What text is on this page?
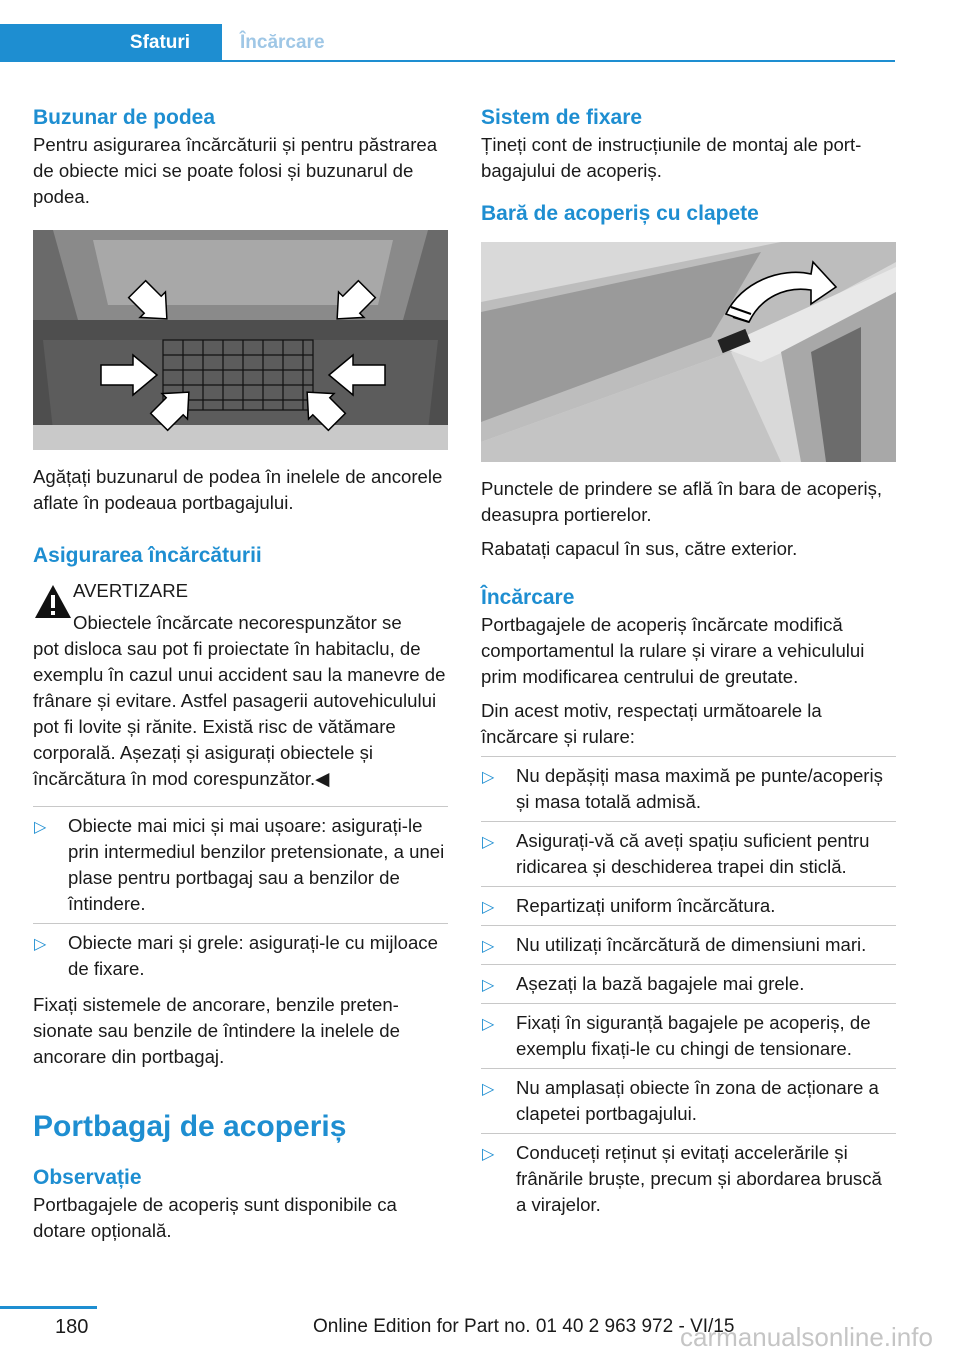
Sfaturi	Încărcare
Buzunar de podea

Pentru asigurarea încărcăturii și pentru păstrarea de obiecte mici se poate folosi și buzunarul de podea.

Agățați buzunarul de podea în inelele de ancorele aflate în podeaua portbagajului.

Asigurarea încărcăturii
AVERTIZARE
Obiectele încărcate necorespunzător se

pot disloca sau pot fi proiectate în habitaclu, de exemplu în cazul unui accident sau la manevre de frânare și evitare. Astfel pasagerii autovehiculului pot fi lovite și rănite. Există risc de vătămare corporală. Așezați și asigurați obiectele și încărcătura în mod corespunzător.◀

▷ Obiecte mai mici și mai ușoare: asigurați-le prin intermediul benzilor pretensionate, a unei plase pentru portbagaj sau a benzilor de întindere.
▷ Obiecte mari și grele: asigurați-le cu mijloace de fixare.

Fixați sistemele de ancorare, benzile pretensionate sau benzile de întindere la inelele de ancorare din portbagaj.

Portbagaj de acoperiș
Observație

Portbagajele de acoperiș sunt disponibile ca dotare opțională.

Sistem de fixare

Țineți cont de instrucțiunile de montaj ale portbagajului de acoperiș.

Bară de acoperiș cu clapete

Punctele de prindere se află în bara de acoperiș, deasupra portierelor.

Rabatați capacul în sus, către exterior.

Încărcare

Portbagajele de acoperiș încărcate modifică comportamentul la rulare și virare a vehiculului prim modificarea centrului de greutate.

Din acest motiv, respectați următoarele la încărcare și rulare:

▷ Nu depășiți masa maximă pe punte/acoperiș și masa totală admisă.
▷ Asigurați-vă că aveți spațiu suficient pentru ridicarea și deschiderea trapei din sticlă.
▷ Repartizați uniform încărcătura.
▷ Nu utilizați încărcătură de dimensiuni mari.
▷ Așezați la bază bagajele mai grele.
▷ Fixați în siguranță bagajele pe acoperiș, de exemplu fixați-le cu chingi de tensionare.
▷ Nu amplasați obiecte în zona de acționare a clapetei portbagajului.
▷ Conduceți reținut și evitați accelerările și frânările bruște, precum și abordarea bruscă a virajelor.
180	Online Edition for Part no. 01 40 2 963 972 - VI/15
carmanualsonline.info
